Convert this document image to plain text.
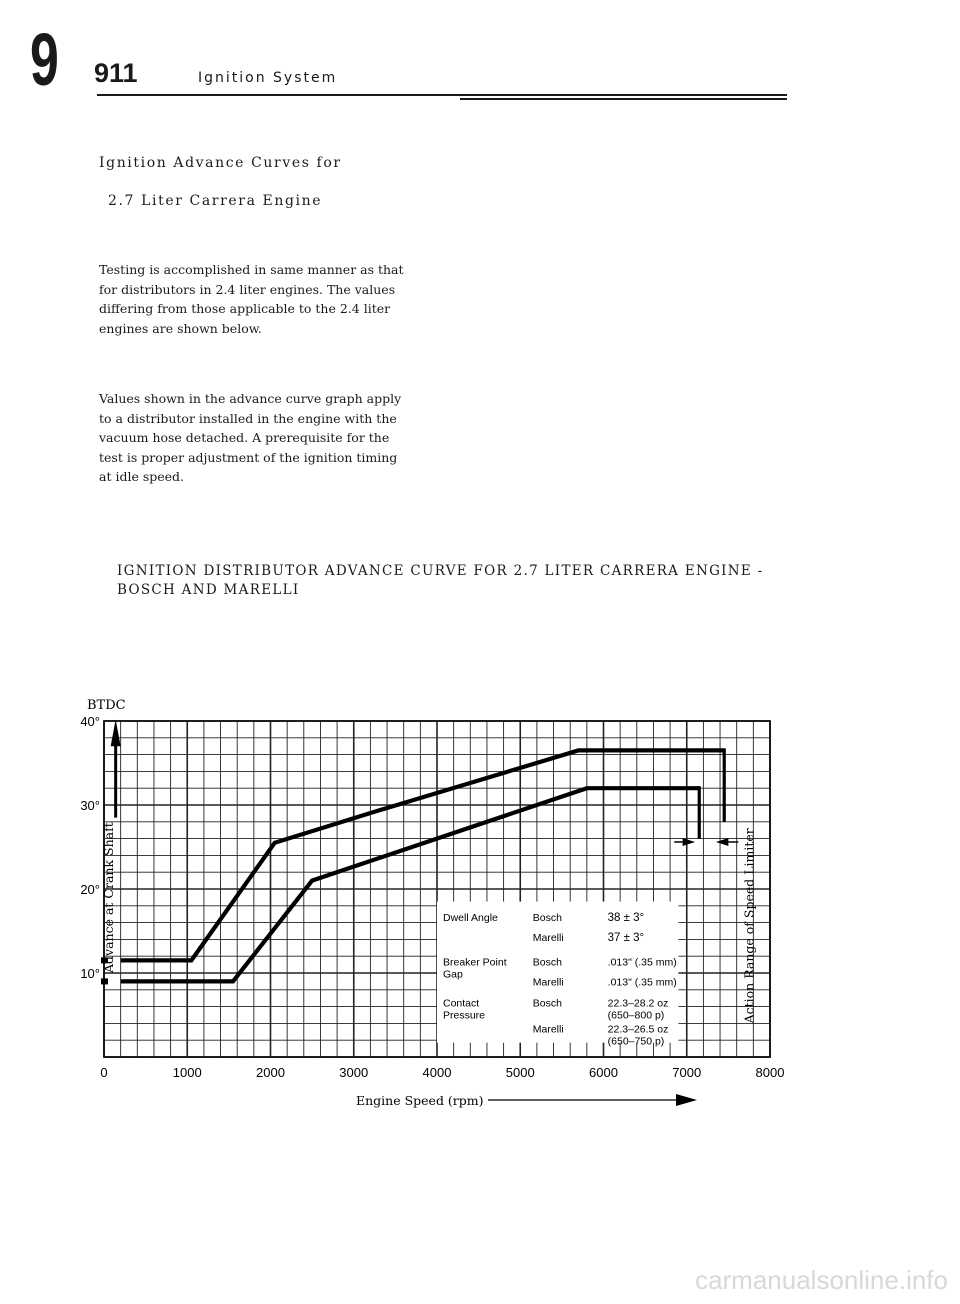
9 911	Ignition System
Ignition Advance Curves for
2.7 Liter Carrera Engine
Testing is accomplished in same manner as that
for distributors in 2.4 liter engines. The values
differing from those applicable to the 2.4 liter
engines are shown below.
Values shown in the advance curve graph apply
to a distributor installed in the engine with the
vacuum hose detached. A prerequisite for the
test is proper adjustment of the ignition timing
at idle speed.
IGNITION DISTRIBUTOR ADVANCE CURVE FOR 2.7 LITER CARRERA ENGINE -
BOSCH AND MARELLI
Dwell Angle	Bosch	38 ± 3°
Marelli	37 ± 3°
Breaker Point
Gap
Bosch	.013" (.35 mm)
Marelli	.013" (.35 mm)
Contact
Pressure
Bosch	22.3–28.2 oz
(650–800 p)
Marelli	22.3–26.5 oz
(650–750 p)
BTDC
Advance at Crank Shaft	Action Range of Speed Limiter
Engine Speed (rpm)
10°
20°
30°
40°
0	1000	2000	3000	4000	5000	6000	7000	8000
carmanualsonline.info
